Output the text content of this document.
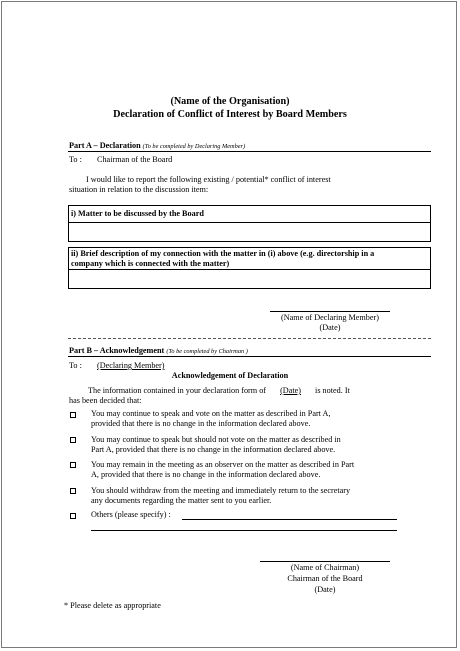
(Name of the Organisation)
Declaration of Conflict of Interest by Board Members
Part A – Declaration (To be completed by Declaring Member)
To : Chairman of the Board
I would like to report the following existing / potential* conflict of interest
situation in relation to the discussion item:
i) Matter to be discussed by the Board
ii) Brief description of my connection with the matter in (i) above (e.g. directorship in a
company which is connected with the matter)
(Name of Declaring Member)
(Date)
Part B – Acknowledgement (To be completed by Chairman )
To : (Declaring Member)
Acknowledgement of Declaration
The information contained in your declaration form of (Date) is noted. It
has been decided that:
You may continue to speak and vote on the matter as described in Part A,
provided that there is no change in the information declared above.
You may continue to speak but should not vote on the matter as described in
Part A, provided that there is no change in the information declared above.
You may remain in the meeting as an observer on the matter as described in Part
A, provided that there is no change in the information declared above.
You should withdraw from the meeting and immediately return to the secretary
any documents regarding the matter sent to you earlier.
Others (please specify) :
(Name of Chairman)
Chairman of the Board
(Date)
* Please delete as appropriate
